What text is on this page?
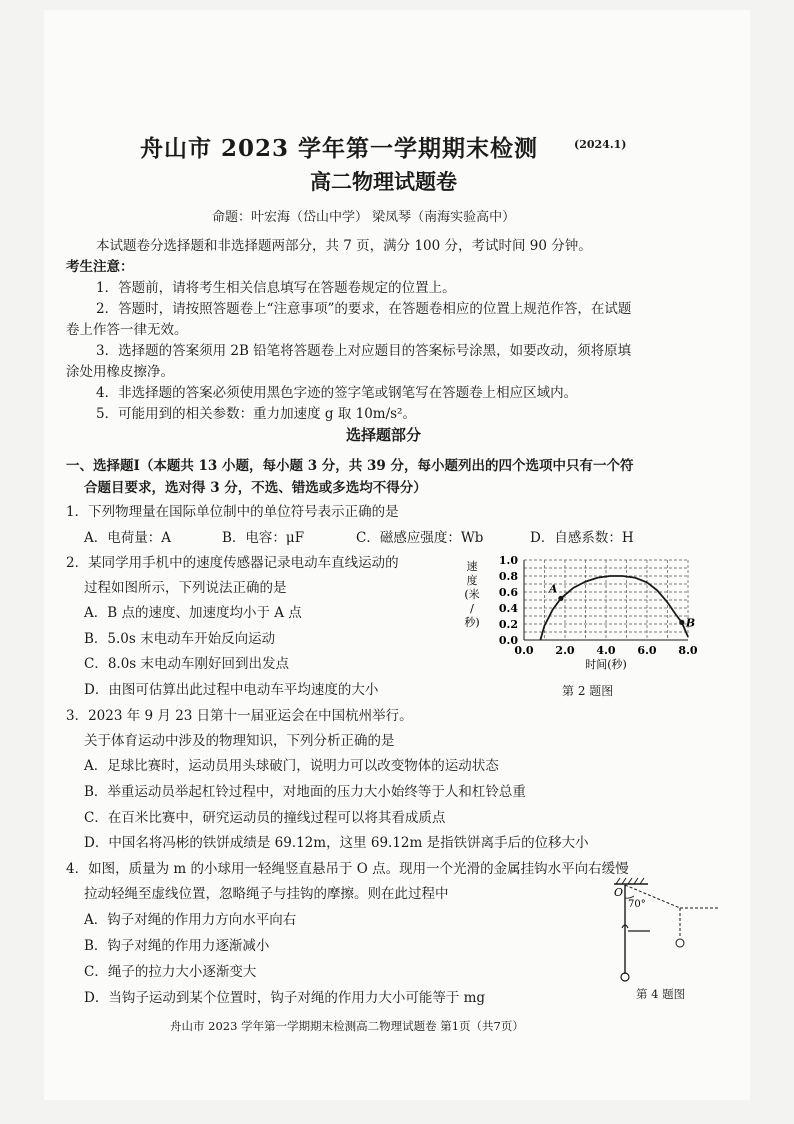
舟山市 2023 学年第一学期期末检测	(2024.1)
高二物理试题卷
命题：叶宏海（岱山中学） 梁凤琴（南海实验高中）
本试题卷分选择题和非选择题两部分，共 7 页，满分 100 分，考试时间 90 分钟。
考生注意：
1．答题前，请将考生相关信息填写在答题卷规定的位置上。
2．答题时，请按照答题卷上“注意事项”的要求，在答题卷相应的位置上规范作答，在试题
卷上作答一律无效。
3．选择题的答案须用 2B 铅笔将答题卷上对应题目的答案标号涂黑，如要改动，须将原填
涂处用橡皮擦净。
4．非选择题的答案必须使用黑色字迹的签字笔或钢笔写在答题卷上相应区域内。
5．可能用到的相关参数：重力加速度 g 取 10m/s²。
选择题部分
一、选择题Ⅰ（本题共 13 小题，每小题 3 分，共 39 分，每小题列出的四个选项中只有一个符
合题目要求，选对得 3 分，不选、错选或多选均不得分）
1．下列物理量在国际单位制中的单位符号表示正确的是
A．电荷量：A	B．电容：μF	C．磁感应强度：Wb	D．自感系数：H
2．某同学用手机中的速度传感器记录电动车直线运动的
过程如图所示，下列说法正确的是
A．B 点的速度、加速度均小于 A 点
B．5.0s 末电动车开始反向运动
C．8.0s 末电动车刚好回到出发点
D．由图可估算出此过程中电动车平均速度的大小
0.0 2.0 4.0 6.0 8.0
0.0
0.2
0.4
0.6
0.8
1.0
A
B
时间(秒)
速
度
(米
/
秒)
第 2 题图
3．2023 年 9 月 23 日第十一届亚运会在中国杭州举行。
关于体育运动中涉及的物理知识，下列分析正确的是
A．足球比赛时，运动员用头球破门，说明力可以改变物体的运动状态
B．举重运动员举起杠铃过程中，对地面的压力大小始终等于人和杠铃总重
C．在百米比赛中，研究运动员的撞线过程可以将其看成质点
D．中国名将冯彬的铁饼成绩是 69.12m，这里 69.12m 是指铁饼离手后的位移大小
4．如图，质量为 m 的小球用一轻绳竖直悬吊于 O 点。现用一个光滑的金属挂钩水平向右缓慢
拉动轻绳至虚线位置，忽略绳子与挂钩的摩擦。则在此过程中
A．钩子对绳的作用力方向水平向右
B．钩子对绳的作用力逐渐减小
C．绳子的拉力大小逐渐变大
D．当钩子运动到某个位置时，钩子对绳的作用力大小可能等于 mg
O
70°
第 4 题图
舟山市 2023 学年第一学期期末检测高二物理试题卷 第1页（共7页）
